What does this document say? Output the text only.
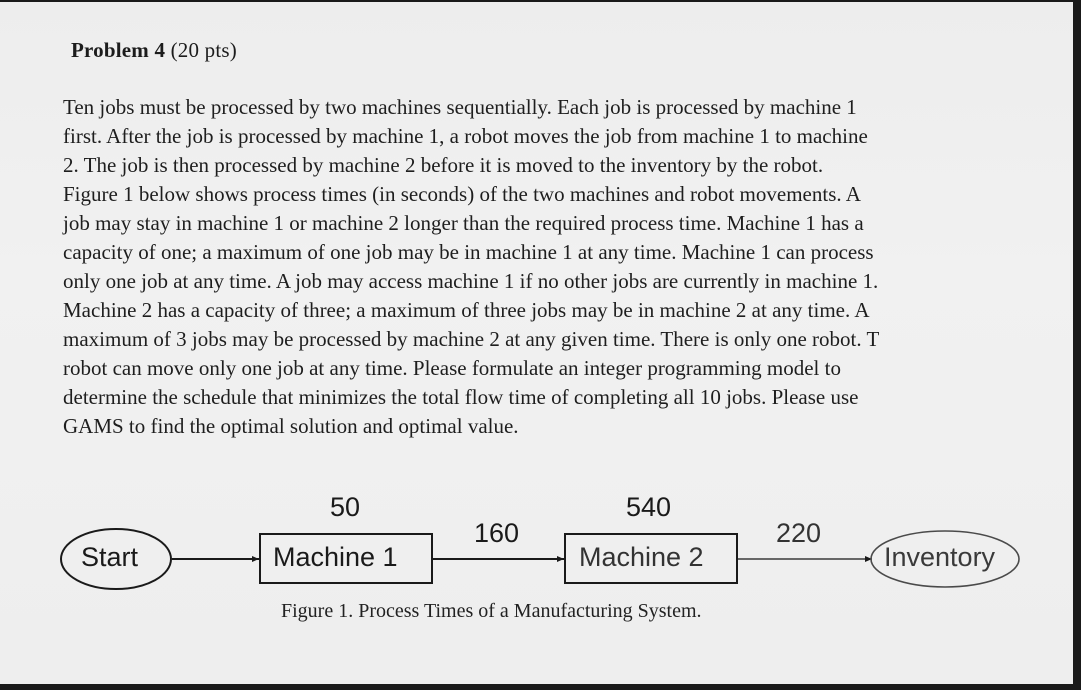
Problem 4 (20 pts)
Ten jobs must be processed by two machines sequentially. Each job is processed by machine 1
first. After the job is processed by machine 1, a robot moves the job from machine 1 to machine
2. The job is then processed by machine 2 before it is moved to the inventory by the robot.
Figure 1 below shows process times (in seconds) of the two machines and robot movements. A
job may stay in machine 1 or machine 2 longer than the required process time. Machine 1 has a
capacity of one; a maximum of one job may be in machine 1 at any time. Machine 1 can process
only one job at any time. A job may access machine 1 if no other jobs are currently in machine 1.
Machine 2 has a capacity of three; a maximum of three jobs may be in machine 2 at any time. A
maximum of 3 jobs may be processed by machine 2 at any given time. There is only one robot. T
robot can move only one job at any time. Please formulate an integer programming model to
determine the schedule that minimizes the total flow time of completing all 10 jobs. Please use
GAMS to find the optimal solution and optimal value.
Start
50
Machine 1
160
540
Machine 2
220
Inventory
Figure 1. Process Times of a Manufacturing System.
